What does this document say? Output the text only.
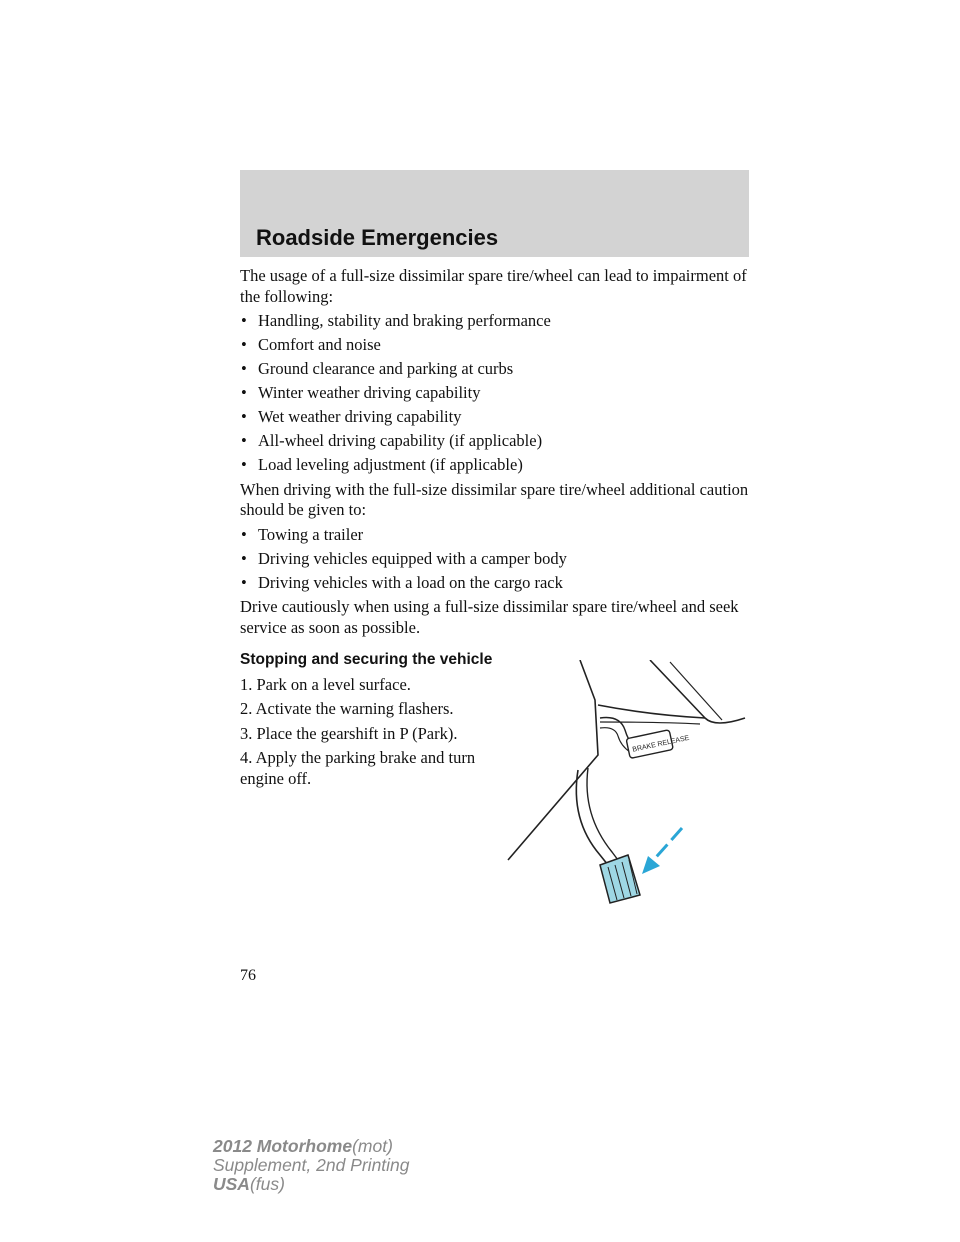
Roadside Emergencies

The usage of a full-size dissimilar spare tire/wheel can lead to impairment of the following:

• Handling, stability and braking performance
• Comfort and noise
• Ground clearance and parking at curbs
• Winter weather driving capability
• Wet weather driving capability
• All-wheel driving capability (if applicable)
• Load leveling adjustment (if applicable)

When driving with the full-size dissimilar spare tire/wheel additional caution should be given to:

• Towing a trailer
• Driving vehicles equipped with a camper body
• Driving vehicles with a load on the cargo rack

Drive cautiously when using a full-size dissimilar spare tire/wheel and seek service as soon as possible.

Stopping and securing the vehicle
1. Park on a level surface.
2. Activate the warning flashers.
3. Place the gearshift in P (Park).
4. Apply the parking brake and turn engine off.
BRAKE RELEASE
76
2012 Motorhome(mot)
Supplement, 2nd Printing
USA(fus)
